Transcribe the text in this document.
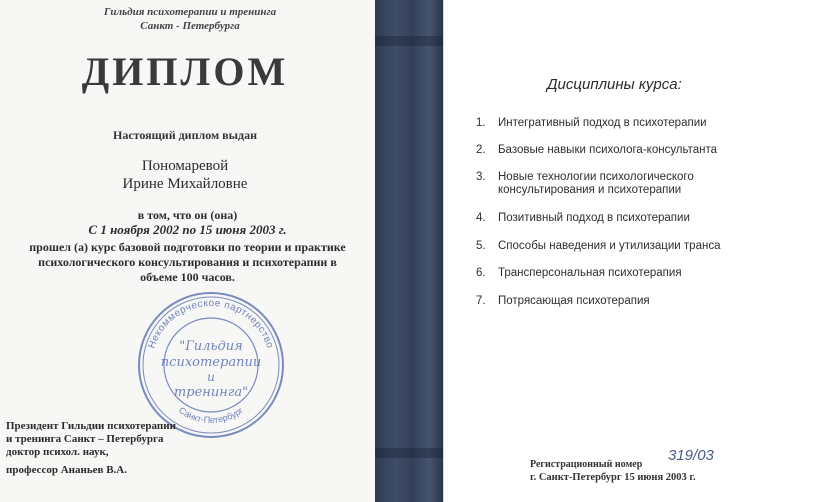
Гильдия психотерапии и тренинга
Санкт - Петербурга
ДИПЛОМ
Настоящий диплом выдан
Пономаревой
Ирине Михайловне
в том, что он (она)
С 1 ноября 2002 по 15 июня 2003 г.
прошел (а) курс базовой подготовки по теории и практике
психологического консультирования и психотерапии в
объеме 100 часов.
Некоммерческое партнерство
Санкт-Петербург
"Гильдия
психотерапии
и
тренинга"
Президент Гильдии психотерапии
и тренинга Санкт – Петербурга
доктор психол. наук,
профессор Ананьев В.А.
Дисциплины курса:
1.	Интегративный подход в психотерапии
2.	Базовые навыки психолога-консультанта
3.	Новые технологии психологического
консультирования и психотерапии
4.	Позитивный подход в психотерапии
5.	Способы наведения и утилизации транса
6.	Трансперсональная психотерапия
7.	Потрясающая психотерапия
Регистрационный номер
319/03
г. Санкт-Петербург 15 июня 2003 г.
